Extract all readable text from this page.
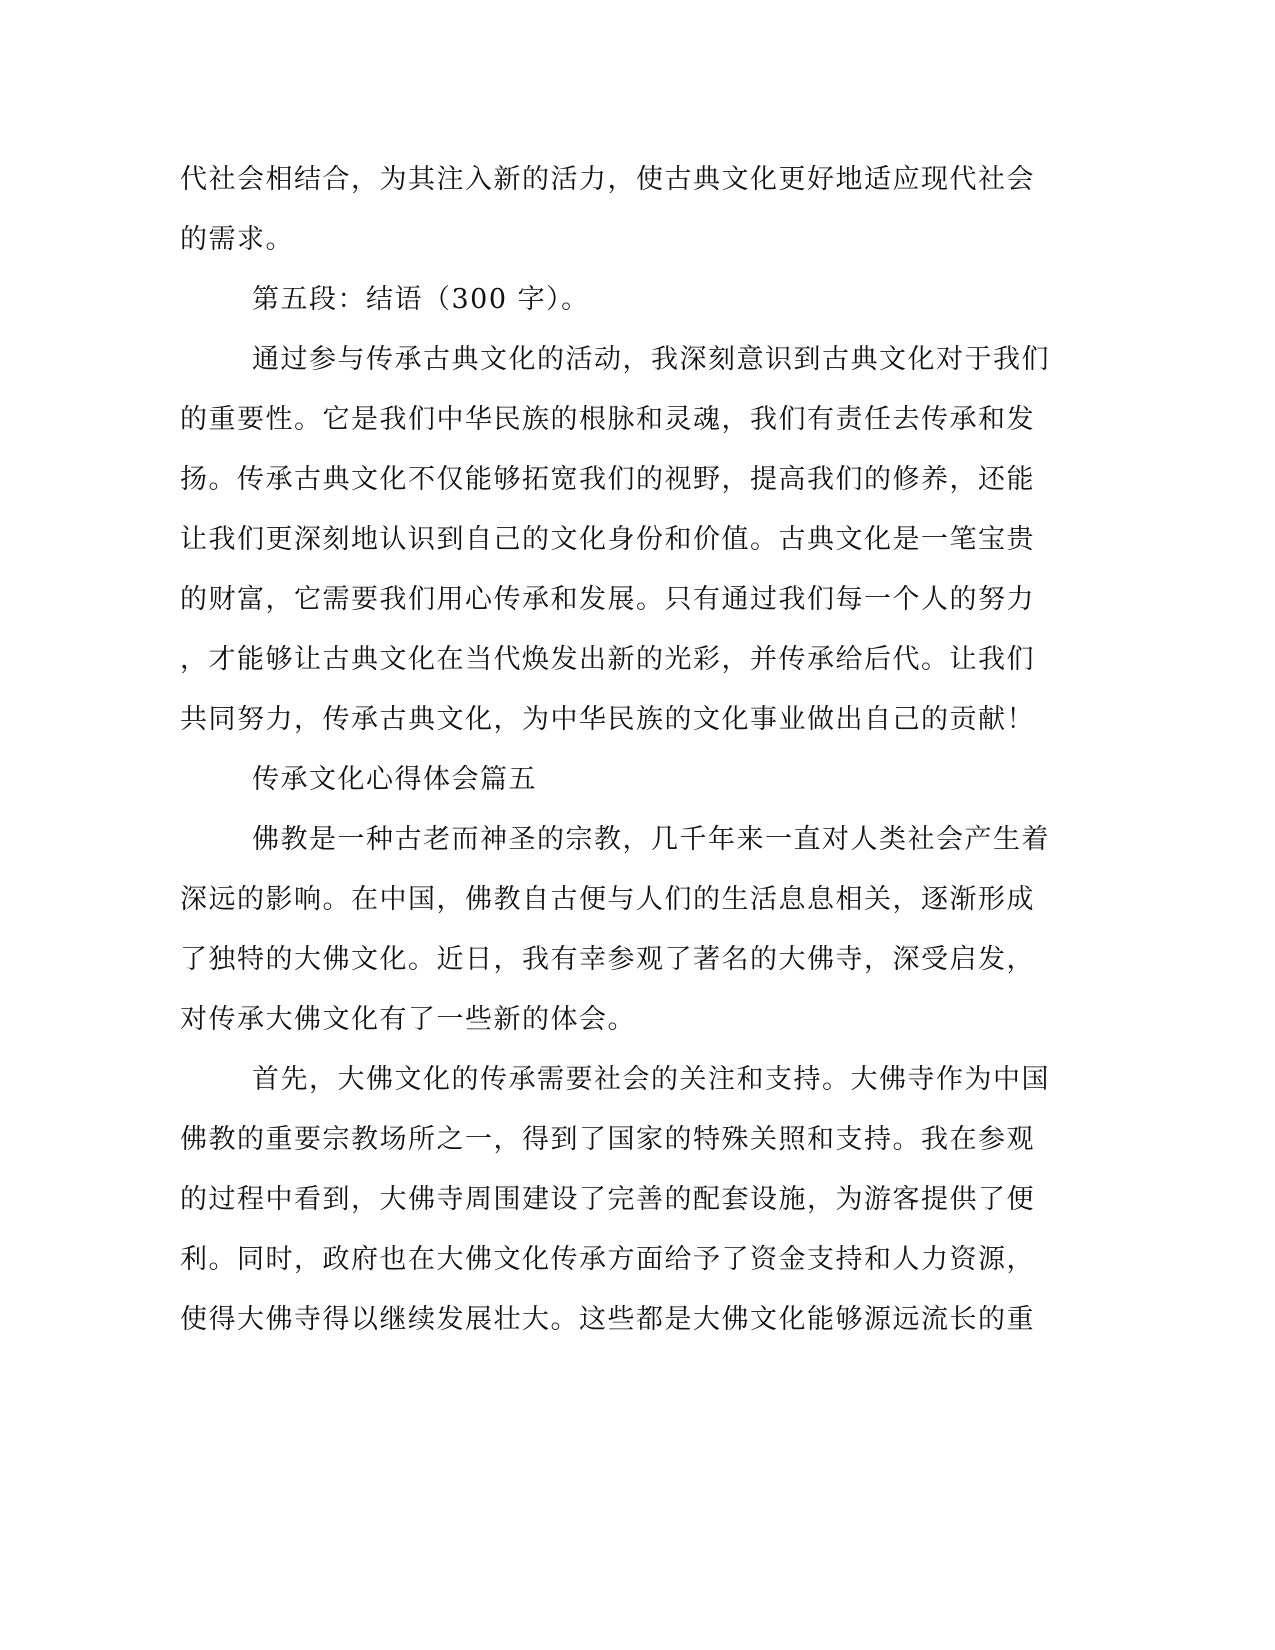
代社会相结合，为其注入新的活力，使古典文化更好地适应现代社会
的需求。
第五段：结语（300 字）。
通过参与传承古典文化的活动，我深刻意识到古典文化对于我们
的重要性。它是我们中华民族的根脉和灵魂，我们有责任去传承和发
扬。传承古典文化不仅能够拓宽我们的视野，提高我们的修养，还能
让我们更深刻地认识到自己的文化身份和价值。古典文化是一笔宝贵
的财富，它需要我们用心传承和发展。只有通过我们每一个人的努力
，才能够让古典文化在当代焕发出新的光彩，并传承给后代。让我们
共同努力，传承古典文化，为中华民族的文化事业做出自己的贡献！
传承文化心得体会篇五
佛教是一种古老而神圣的宗教，几千年来一直对人类社会产生着
深远的影响。在中国，佛教自古便与人们的生活息息相关，逐渐形成
了独特的大佛文化。近日，我有幸参观了著名的大佛寺，深受启发，
对传承大佛文化有了一些新的体会。
首先，大佛文化的传承需要社会的关注和支持。大佛寺作为中国
佛教的重要宗教场所之一，得到了国家的特殊关照和支持。我在参观
的过程中看到，大佛寺周围建设了完善的配套设施，为游客提供了便
利。同时，政府也在大佛文化传承方面给予了资金支持和人力资源，
使得大佛寺得以继续发展壮大。这些都是大佛文化能够源远流长的重
